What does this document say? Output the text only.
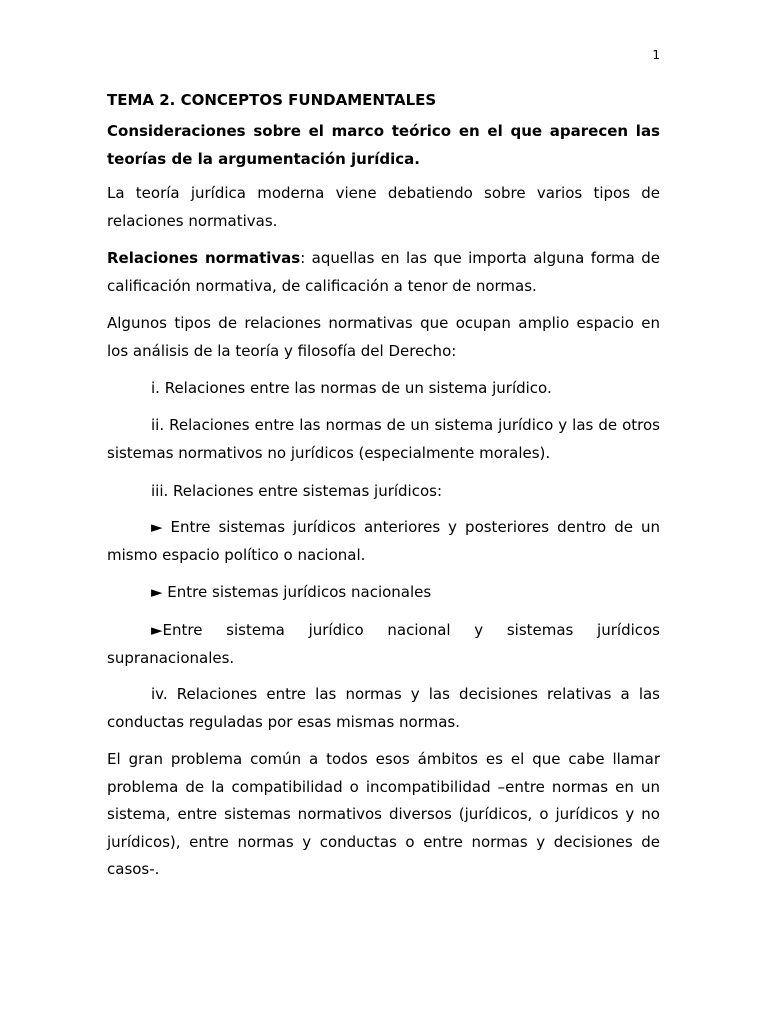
1
TEMA 2. CONCEPTOS FUNDAMENTALES
Consideraciones sobre el marco teórico en el que aparecen las teorías de la argumentación jurídica.

La teoría jurídica moderna viene debatiendo sobre varios tipos de relaciones normativas.

Relaciones normativas: aquellas en las que importa alguna forma de calificación normativa, de calificación a tenor de normas.

Algunos tipos de relaciones normativas que ocupan amplio espacio en los análisis de la teoría y filosofía del Derecho:

i. Relaciones entre las normas de un sistema jurídico.

ii. Relaciones entre las normas de un sistema jurídico y las de otros sistemas normativos no jurídicos (especialmente morales).

iii. Relaciones entre sistemas jurídicos:

► Entre sistemas jurídicos anteriores y posteriores dentro de un mismo espacio político o nacional.

► Entre sistemas jurídicos nacionales

►Entre sistema jurídico nacional y sistemas jurídicos supranacionales.

iv. Relaciones entre las normas y las decisiones relativas a las conductas reguladas por esas mismas normas.

El gran problema común a todos esos ámbitos es el que cabe llamar problema de la compatibilidad o incompatibilidad –entre normas en un sistema, entre sistemas normativos diversos (jurídicos, o jurídicos y no jurídicos), entre normas y conductas o entre normas y decisiones de casos-.
